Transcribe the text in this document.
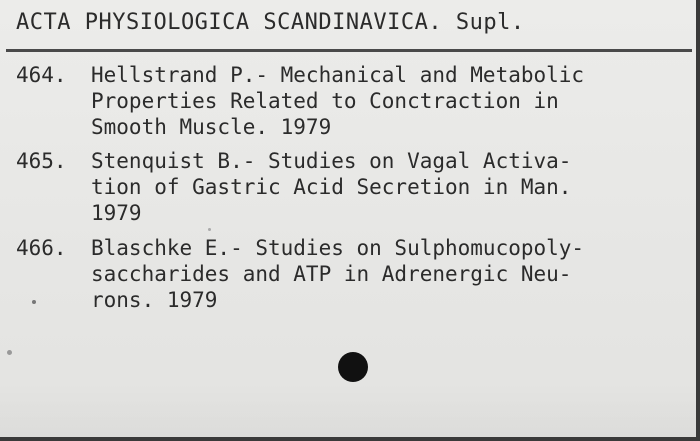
ACTA PHYSIOLOGICA SCANDINAVICA. Supl.
464. Hellstrand P.- Mechanical and Metabolic
Properties Related to Conctraction in
Smooth Muscle. 1979
465. Stenquist B.- Studies on Vagal Activa-
tion of Gastric Acid Secretion in Man.
1979
466. Blaschke E.- Studies on Sulphomucopoly-
saccharides and ATP in Adrenergic Neu-
rons. 1979
